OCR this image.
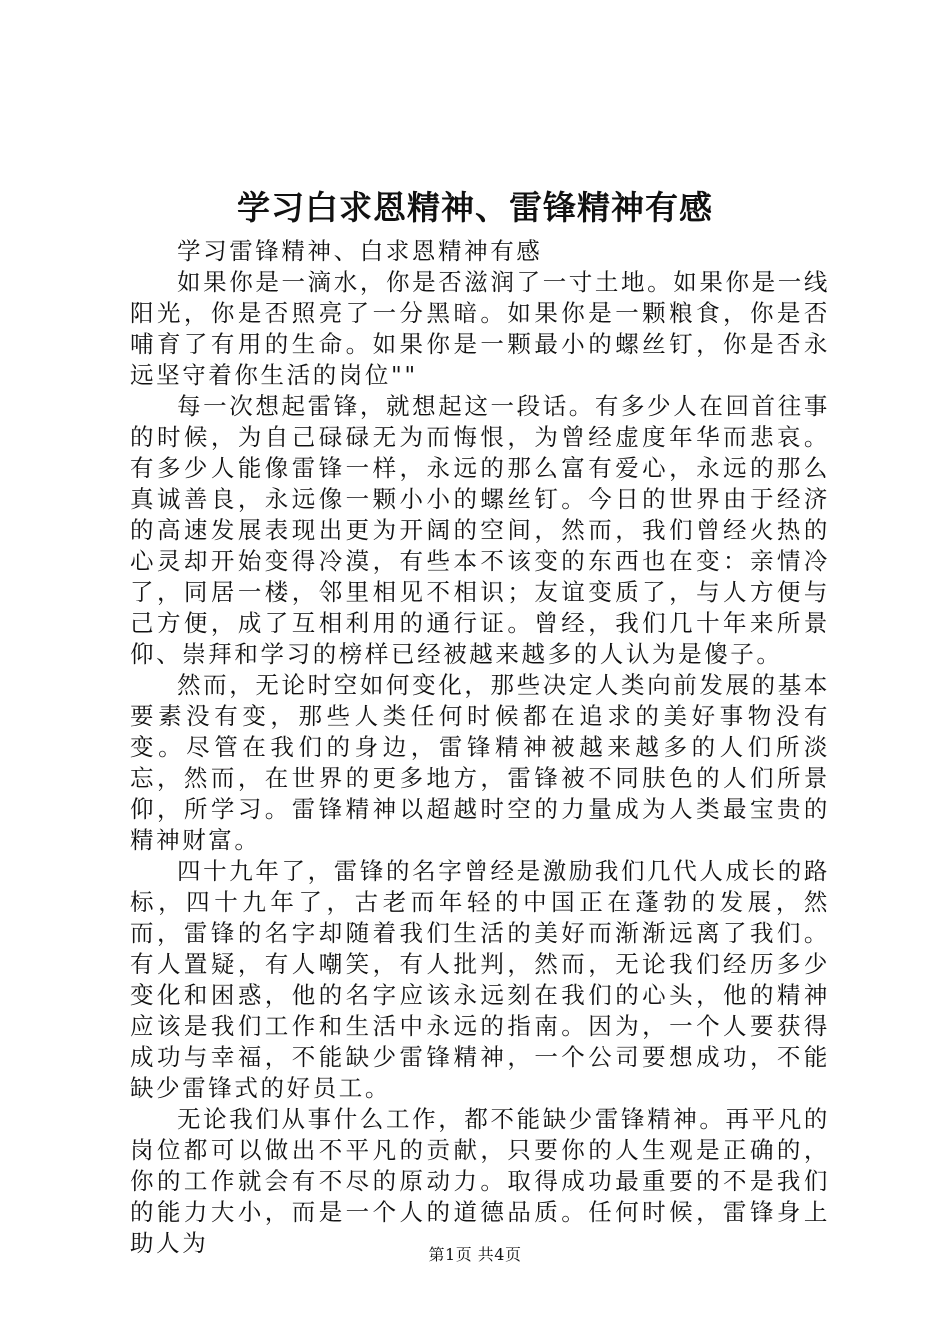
学习白求恩精神、雷锋精神有感

学习雷锋精神、白求恩精神有感

如果你是一滴水，你是否滋润了一寸土地。如果你是一线阳光，你是否照亮了一分黑暗。如果你是一颗粮食，你是否哺育了有用的生命。如果你是一颗最小的螺丝钉，你是否永远坚守着你生活的岗位""

每一次想起雷锋，就想起这一段话。有多少人在回首往事的时候，为自己碌碌无为而悔恨，为曾经虚度年华而悲哀。有多少人能像雷锋一样，永远的那么富有爱心，永远的那么真诚善良，永远像一颗小小的螺丝钉。今日的世界由于经济的高速发展表现出更为开阔的空间，然而，我们曾经火热的心灵却开始变得冷漠，有些本不该变的东西也在变：亲情冷了，同居一楼，邻里相见不相识；友谊变质了，与人方便与己方便，成了互相利用的通行证。曾经，我们几十年来所景仰、崇拜和学习的榜样已经被越来越多的人认为是傻子。

然而，无论时空如何变化，那些决定人类向前发展的基本要素没有变，那些人类任何时候都在追求的美好事物没有变。尽管在我们的身边，雷锋精神被越来越多的人们所淡忘，然而，在世界的更多地方，雷锋被不同肤色的人们所景仰，所学习。雷锋精神以超越时空的力量成为人类最宝贵的精神财富。

四十九年了，雷锋的名字曾经是激励我们几代人成长的路标，四十九年了，古老而年轻的中国正在蓬勃的发展，然而，雷锋的名字却随着我们生活的美好而渐渐远离了我们。有人置疑，有人嘲笑，有人批判，然而，无论我们经历多少变化和困惑，他的名字应该永远刻在我们的心头，他的精神应该是我们工作和生活中永远的指南。因为，一个人要获得成功与幸福，不能缺少雷锋精神，一个公司要想成功，不能缺少雷锋式的好员工。

无论我们从事什么工作，都不能缺少雷锋精神。再平凡的岗位都可以做出不平凡的贡献，只要你的人生观是正确的，你的工作就会有不尽的原动力。取得成功最重要的不是我们的能力大小，而是一个人的道德品质。任何时候，雷锋身上助人为	第1页 共4页
